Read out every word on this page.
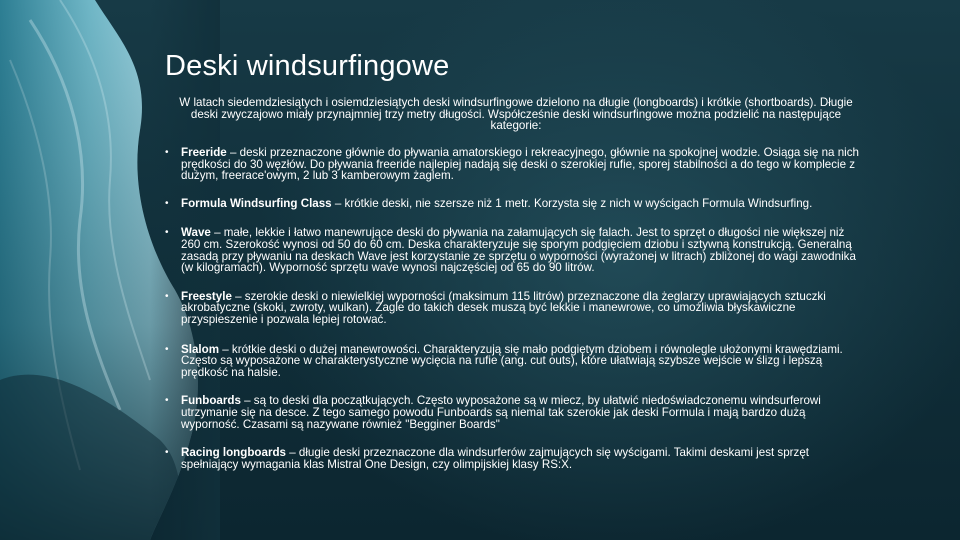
Deski windsurfingowe

W latach siedemdziesiątych i osiemdziesiątych deski windsurfingowe dzielono na długie (longboards) i krótkie (shortboards). Długie deski zwyczajowo miały przynajmniej trzy metry długości. Współcześnie deski windsurfingowe można podzielić na następujące kategorie:

• Freeride – deski przeznaczone głównie do pływania amatorskiego i rekreacyjnego, głównie na spokojnej wodzie. Osiąga się na nich prędkości do 30 węzłów. Do pływania freeride najlepiej nadają się deski o szerokiej rufie, sporej stabilności a do tego w komplecie z dużym, freerace'owym, 2 lub 3 kamberowym żaglem.
• Formula Windsurfing Class – krótkie deski, nie szersze niż 1 metr. Korzysta się z nich w wyścigach Formula Windsurfing.
• Wave – małe, lekkie i łatwo manewrujące deski do pływania na załamujących się falach. Jest to sprzęt o długości nie większej niż 260 cm. Szerokość wynosi od 50 do 60 cm. Deska charakteryzuje się sporym podgięciem dziobu i sztywną konstrukcją. Generalną zasadą przy pływaniu na deskach Wave jest korzystanie ze sprzętu o wyporności (wyrażonej w litrach) zbliżonej do wagi zawodnika (w kilogramach). Wyporność sprzętu wave wynosi najczęściej od 65 do 90 litrów.
• Freestyle – szerokie deski o niewielkiej wyporności (maksimum 115 litrów) przeznaczone dla żeglarzy uprawiających sztuczki akrobatyczne (skoki, zwroty, wulkan). Żagle do takich desek muszą być lekkie i manewrowe, co umożliwia błyskawiczne przyspieszenie i pozwala lepiej rotować.
• Slalom – krótkie deski o dużej manewrowości. Charakteryzują się mało podgiętym dziobem i równolegle ułożonymi krawędziami. Często są wyposażone w charakterystyczne wycięcia na rufie (ang. cut outs), które ułatwiają szybsze wejście w ślizg i lepszą prędkość na halsie.
• Funboards – są to deski dla początkujących. Często wyposażone są w miecz, by ułatwić niedoświadczonemu windsurferowi utrzymanie się na desce. Z tego samego powodu Funboards są niemal tak szerokie jak deski Formula i mają bardzo dużą wyporność. Czasami są nazywane również "Begginer Boards"
• Racing longboards – długie deski przeznaczone dla windsurferów zajmujących się wyścigami. Takimi deskami jest sprzęt spełniający wymagania klas Mistral One Design, czy olimpijskiej klasy RS:X.
